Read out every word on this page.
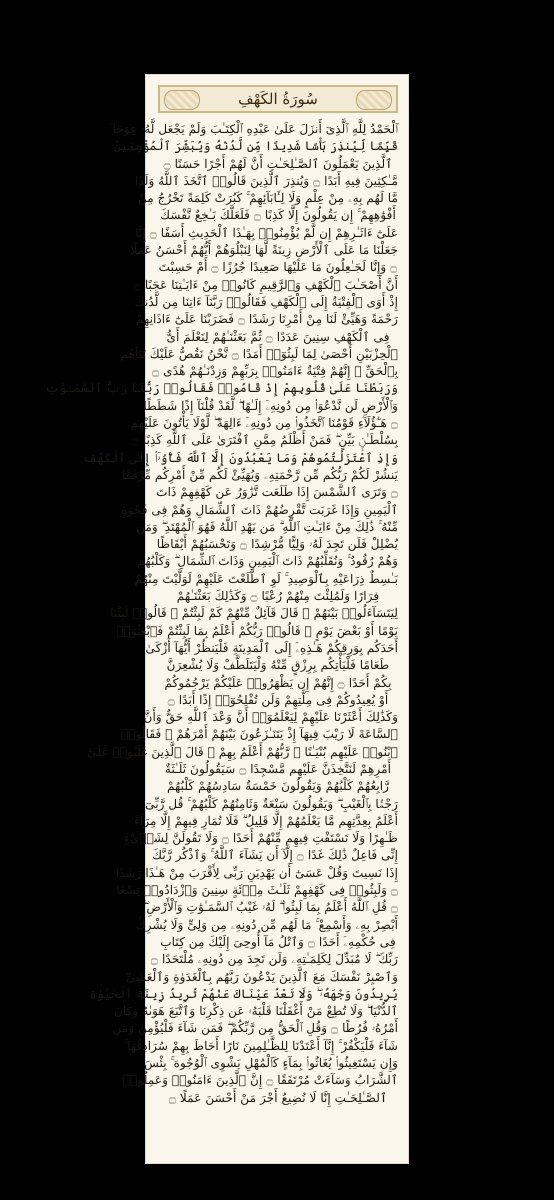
سُورَةُ الكَهْفِ
ٱلْحَمْدُ لِلَّهِ ٱلَّذِىٓ أَنزَلَ عَلَىٰ عَبْدِهِ ٱلْكِتَـٰبَ وَلَمْ يَجْعَل لَّهُۥ عِوَجَا ۜ
قَيِّمًا لِّيُنذِرَ بَأْسًا شَدِيدًا مِّن لَّدُنْهُ وَيُبَشِّرَ ٱلْمُؤْمِنِينَ
ٱلَّذِينَ يَعْمَلُونَ ٱلصَّـٰلِحَـٰتِ أَنَّ لَهُمْ أَجْرًا حَسَنًا ۝
مَّـٰكِثِينَ فِيهِ أَبَدًا ۝ وَيُنذِرَ ٱلَّذِينَ قَالُوا۟ ٱتَّخَذَ ٱللَّهُ وَلَدًا
مَّا لَهُم بِهِۦ مِنْ عِلْمٍ وَلَا لِـَٔابَآئِهِمْ ۚ كَبُرَتْ كَلِمَةً تَخْرُجُ مِنْ
أَفْوَٰهِهِمْ ۚ إِن يَقُولُونَ إِلَّا كَذِبًا ۝ فَلَعَلَّكَ بَـٰخِعٌ نَّفْسَكَ
عَلَىٰٓ ءَاثَـٰرِهِمْ إِن لَّمْ يُؤْمِنُوا۟ بِهَـٰذَا ٱلْحَدِيثِ أَسَفًا ۝ إِنَّا
جَعَلْنَا مَا عَلَى ٱلْأَرْضِ زِينَةً لَّهَا لِنَبْلُوَهُمْ أَيُّهُمْ أَحْسَنُ عَمَلًا
۝ وَإِنَّا لَجَـٰعِلُونَ مَا عَلَيْهَا صَعِيدًا جُرُزًا ۝ أَمْ حَسِبْتَ
أَنَّ أَصْحَـٰبَ ٱلْكَهْفِ وَٱلرَّقِيمِ كَانُوا۟ مِنْ ءَايَـٰتِنَا عَجَبًا ۝
إِذْ أَوَى ٱلْفِتْيَةُ إِلَى ٱلْكَهْفِ فَقَالُوا۟ رَبَّنَآ ءَاتِنَا مِن لَّدُنكَ
رَحْمَةً وَهَيِّئْ لَنَا مِنْ أَمْرِنَا رَشَدًا ۝ فَضَرَبْنَا عَلَىٰٓ ءَاذَانِهِمْ
فِى ٱلْكَهْفِ سِنِينَ عَدَدًا ۝ ثُمَّ بَعَثْنَـٰهُمْ لِنَعْلَمَ أَىُّ
ٱلْحِزْبَيْنِ أَحْصَىٰ لِمَا لَبِثُوٓا۟ أَمَدًا ۝ نَّحْنُ نَقُصُّ عَلَيْكَ نَبَأَهُم
بِٱلْحَقِّ ۚ إِنَّهُمْ فِتْيَةٌ ءَامَنُوا۟ بِرَبِّهِمْ وَزِدْنَـٰهُمْ هُدًى ۝
وَرَبَطْنَا عَلَىٰ قُلُوبِهِمْ إِذْ قَامُوا۟ فَقَالُوا۟ رَبُّنَا رَبُّ ٱلسَّمَـٰوَٰتِ
وَٱلْأَرْضِ لَن نَّدْعُوَا۟ مِن دُونِهِۦٓ إِلَـٰهًا ۖ لَّقَدْ قُلْنَآ إِذًا شَطَطًا
۝ هَـٰٓؤُلَآءِ قَوْمُنَا ٱتَّخَذُوا۟ مِن دُونِهِۦٓ ءَالِهَةً ۖ لَّوْلَا يَأْتُونَ عَلَيْهِم
بِسُلْطَـٰنٍۭ بَيِّنٍ ۖ فَمَنْ أَظْلَمُ مِمَّنِ ٱفْتَرَىٰ عَلَى ٱللَّهِ كَذِبًا ۝
وَإِذِ ٱعْتَزَلْتُمُوهُمْ وَمَا يَعْبُدُونَ إِلَّا ٱللَّهَ فَأْوُۥٓا۟ إِلَى ٱلْكَهْفِ
يَنشُرْ لَكُمْ رَبُّكُم مِّن رَّحْمَتِهِۦ وَيُهَيِّئْ لَكُم مِّنْ أَمْرِكُم مِّرْفَقًا
۝ وَتَرَى ٱلشَّمْسَ إِذَا طَلَعَت تَّزَٰوَرُ عَن كَهْفِهِمْ ذَاتَ
ٱلْيَمِينِ وَإِذَا غَرَبَت تَّقْرِضُهُمْ ذَاتَ ٱلشِّمَالِ وَهُمْ فِى فَجْوَةٍ
مِّنْهُ ۚ ذَٰلِكَ مِنْ ءَايَـٰتِ ٱللَّهِ ۗ مَن يَهْدِ ٱللَّهُ فَهُوَ ٱلْمُهْتَدِ ۖ وَمَن
يُضْلِلْ فَلَن تَجِدَ لَهُۥ وَلِيًّا مُّرْشِدًا ۝ وَتَحْسَبُهُمْ أَيْقَاظًا
وَهُمْ رُقُودٌ ۚ وَنُقَلِّبُهُمْ ذَاتَ ٱلْيَمِينِ وَذَاتَ ٱلشِّمَالِ ۖ وَكَلْبُهُم
بَـٰسِطٌ ذِرَاعَيْهِ بِٱلْوَصِيدِ ۚ لَوِ ٱطَّلَعْتَ عَلَيْهِمْ لَوَلَّيْتَ مِنْهُمْ
فِرَارًا وَلَمُلِئْتَ مِنْهُمْ رُعْبًا ۝ وَكَذَٰلِكَ بَعَثْنَـٰهُمْ
لِيَتَسَآءَلُوا۟ بَيْنَهُمْ ۚ قَالَ قَآئِلٌ مِّنْهُمْ كَمْ لَبِثْتُمْ ۖ قَالُوا۟ لَبِثْنَا
يَوْمًا أَوْ بَعْضَ يَوْمٍ ۚ قَالُوا۟ رَبُّكُمْ أَعْلَمُ بِمَا لَبِثْتُمْ فَٱبْعَثُوٓا۟
أَحَدَكُم بِوَرِقِكُمْ هَـٰذِهِۦٓ إِلَى ٱلْمَدِينَةِ فَلْيَنظُرْ أَيُّهَآ أَزْكَىٰ
طَعَامًا فَلْيَأْتِكُم بِرِزْقٍ مِّنْهُ وَلْيَتَلَطَّفْ وَلَا يُشْعِرَنَّ
بِكُمْ أَحَدًا ۝ إِنَّهُمْ إِن يَظْهَرُوا۟ عَلَيْكُمْ يَرْجُمُوكُمْ
أَوْ يُعِيدُوكُمْ فِى مِلَّتِهِمْ وَلَن تُفْلِحُوٓا۟ إِذًا أَبَدًا ۝
وَكَذَٰلِكَ أَعْثَرْنَا عَلَيْهِمْ لِيَعْلَمُوٓا۟ أَنَّ وَعْدَ ٱللَّهِ حَقٌّ وَأَنَّ
ٱلسَّاعَةَ لَا رَيْبَ فِيهَآ إِذْ يَتَنَـٰزَعُونَ بَيْنَهُمْ أَمْرَهُمْ ۖ فَقَالُوا۟
ٱبْنُوا۟ عَلَيْهِم بُنْيَـٰنًا ۖ رَّبُّهُمْ أَعْلَمُ بِهِمْ ۚ قَالَ ٱلَّذِينَ غَلَبُوا۟ عَلَىٰٓ
أَمْرِهِمْ لَنَتَّخِذَنَّ عَلَيْهِم مَّسْجِدًا ۝ سَيَقُولُونَ ثَلَـٰثَةٌ
رَّابِعُهُمْ كَلْبُهُمْ وَيَقُولُونَ خَمْسَةٌ سَادِسُهُمْ كَلْبُهُمْ
رَجْمًۢا بِٱلْغَيْبِ ۖ وَيَقُولُونَ سَبْعَةٌ وَثَامِنُهُمْ كَلْبُهُمْ ۚ قُل رَّبِّىٓ
أَعْلَمُ بِعِدَّتِهِم مَّا يَعْلَمُهُمْ إِلَّا قَلِيلٌ ۗ فَلَا تُمَارِ فِيهِمْ إِلَّا مِرَآءً
ظَـٰهِرًا وَلَا تَسْتَفْتِ فِيهِم مِّنْهُمْ أَحَدًا ۝ وَلَا تَقُولَنَّ لِشَا۟ىْءٍ
إِنِّى فَاعِلٌ ذَٰلِكَ غَدًا ۝ إِلَّآ أَن يَشَآءَ ٱللَّهُ ۚ وَٱذْكُر رَّبَّكَ
إِذَا نَسِيتَ وَقُلْ عَسَىٰٓ أَن يَهْدِيَنِ رَبِّى لِأَقْرَبَ مِنْ هَـٰذَا رَشَدًا
۝ وَلَبِثُوا۟ فِى كَهْفِهِمْ ثَلَـٰثَ مِا۟ئَةٍ سِنِينَ وَٱزْدَادُوا۟ تِسْعًا
۝ قُلِ ٱللَّهُ أَعْلَمُ بِمَا لَبِثُوا۟ ۖ لَهُۥ غَيْبُ ٱلسَّمَـٰوَٰتِ وَٱلْأَرْضِ ۖ
أَبْصِرْ بِهِۦ وَأَسْمِعْ ۚ مَا لَهُم مِّن دُونِهِۦ مِن وَلِىٍّ وَلَا يُشْرِكُ
فِى حُكْمِهِۦٓ أَحَدًا ۝ وَٱتْلُ مَآ أُوحِىَ إِلَيْكَ مِن كِتَابِ
رَبِّكَ ۖ لَا مُبَدِّلَ لِكَلِمَـٰتِهِۦ وَلَن تَجِدَ مِن دُونِهِۦ مُلْتَحَدًا ۝
وَٱصْبِرْ نَفْسَكَ مَعَ ٱلَّذِينَ يَدْعُونَ رَبَّهُم بِٱلْغَدَوٰةِ وَٱلْعَشِىِّ
يُرِيدُونَ وَجْهَهُۥ ۖ وَلَا تَعْدُ عَيْنَاكَ عَنْهُمْ تُرِيدُ زِينَةَ ٱلْحَيَوٰةِ
ٱلدُّنْيَا ۖ وَلَا تُطِعْ مَنْ أَغْفَلْنَا قَلْبَهُۥ عَن ذِكْرِنَا وَٱتَّبَعَ هَوَىٰهُ وَكَانَ
أَمْرُهُۥ فُرُطًا ۝ وَقُلِ ٱلْحَقُّ مِن رَّبِّكُمْ ۖ فَمَن شَآءَ فَلْيُؤْمِن وَمَن
شَآءَ فَلْيَكْفُرْ ۚ إِنَّآ أَعْتَدْنَا لِلظَّـٰلِمِينَ نَارًا أَحَاطَ بِهِمْ سُرَادِقُهَا ۚ
وَإِن يَسْتَغِيثُوا۟ يُغَاثُوا۟ بِمَآءٍ كَٱلْمُهْلِ يَشْوِى ٱلْوُجُوهَ ۚ بِئْسَ
ٱلشَّرَابُ وَسَآءَتْ مُرْتَفَقًا ۝ إِنَّ ٱلَّذِينَ ءَامَنُوا۟ وَعَمِلُوا۟
ٱلصَّـٰلِحَـٰتِ إِنَّا لَا نُضِيعُ أَجْرَ مَنْ أَحْسَنَ عَمَلًا ۝
